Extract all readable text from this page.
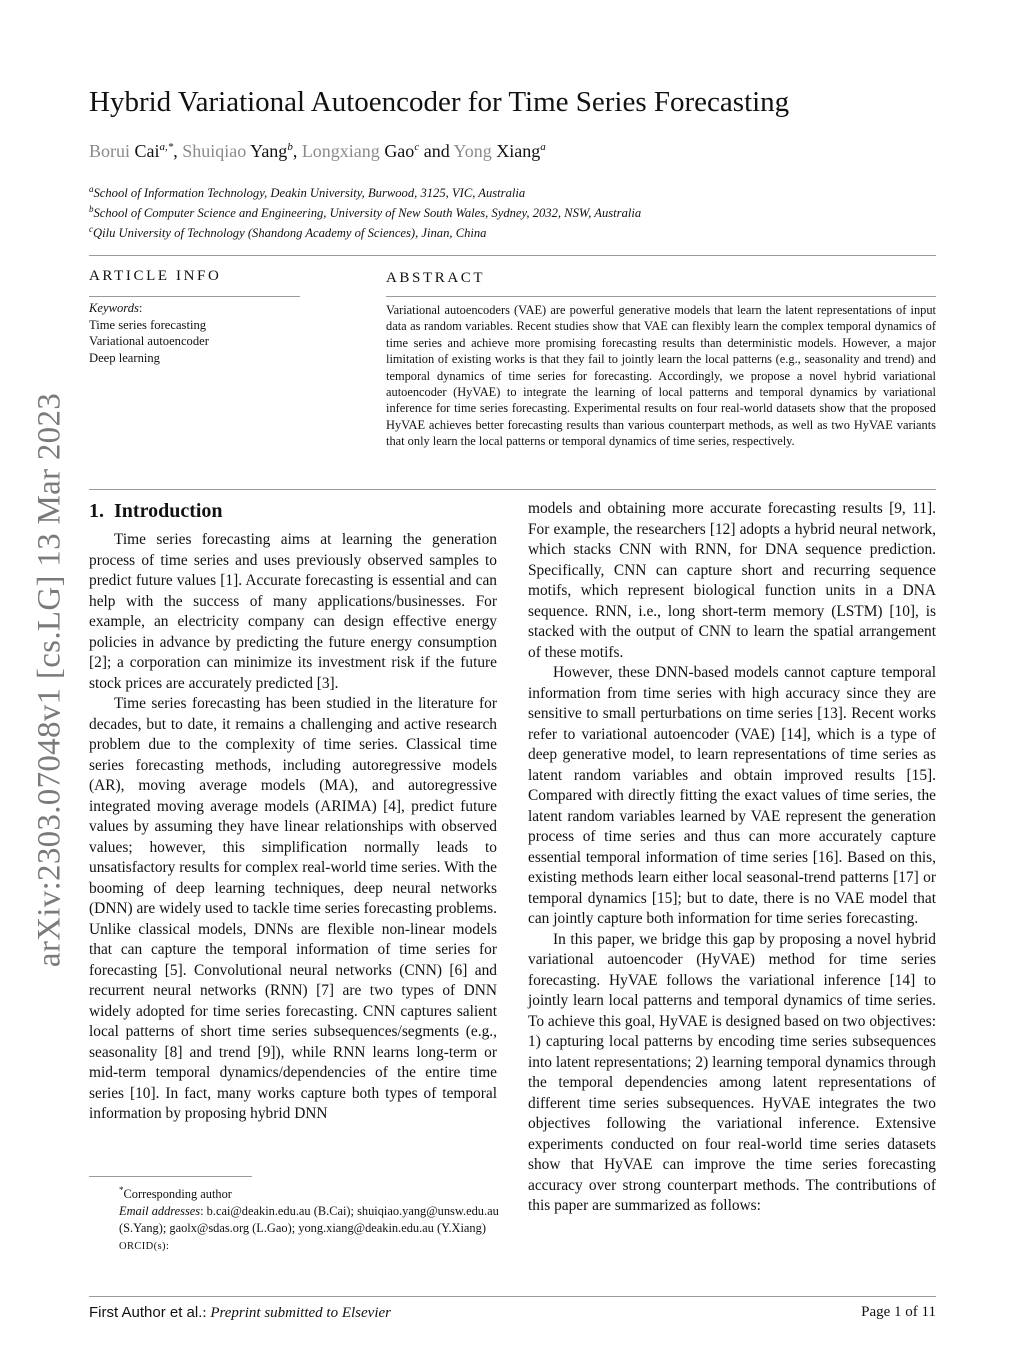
arXiv:2303.07048v1 [cs.LG] 13 Mar 2023
Hybrid Variational Autoencoder for Time Series Forecasting
Borui Cai$^{a,*}$, Shuiqiao Yang$^b$, Longxiang Gao$^c$ and Yong Xiang$^a$
$^a$School of Information Technology, Deakin University, Burwood, 3125, VIC, Australia
$^b$School of Computer Science and Engineering, University of New South Wales, Sydney, 2032, NSW, Australia
$^c$Qilu University of Technology (Shandong Academy of Sciences), Jinan, China
ARTICLE INFO
Keywords:
Time series forecasting
Variational autoencoder
Deep learning
ABSTRACT
Variational autoencoders (VAE) are powerful generative models that learn the latent representations of input data as random variables. Recent studies show that VAE can flexibly learn the complex temporal dynamics of time series and achieve more promising forecasting results than deterministic models. However, a major limitation of existing works is that they fail to jointly learn the local patterns (e.g., seasonality and trend) and temporal dynamics of time series for forecasting. Accordingly, we propose a novel hybrid variational autoencoder (HyVAE) to integrate the learning of local patterns and temporal dynamics by variational inference for time series forecasting. Experimental results on four real-world datasets show that the proposed HyVAE achieves better forecasting results than various counterpart methods, as well as two HyVAE variants that only learn the local patterns or temporal dynamics of time series, respectively.
1. Introduction

Time series forecasting aims at learning the generation process of time series and uses previously observed samples to predict future values [1]. Accurate forecasting is essential and can help with the success of many applications/businesses. For example, an electricity company can design effective energy policies in advance by predicting the future energy consumption [2]; a corporation can minimize its investment risk if the future stock prices are accurately predicted [3].

Time series forecasting has been studied in the literature for decades, but to date, it remains a challenging and active research problem due to the complexity of time series. Classical time series forecasting methods, including autoregressive models (AR), moving average models (MA), and autoregressive integrated moving average models (ARIMA) [4], predict future values by assuming they have linear relationships with observed values; however, this simplification normally leads to unsatisfactory results for complex real-world time series. With the booming of deep learning techniques, deep neural networks (DNN) are widely used to tackle time series forecasting problems. Unlike classical models, DNNs are flexible non-linear models that can capture the temporal information of time series for forecasting [5]. Convolutional neural networks (CNN) [6] and recurrent neural networks (RNN) [7] are two types of DNN widely adopted for time series forecasting. CNN captures salient local patterns of short time series subsequences/segments (e.g., seasonality [8] and trend [9]), while RNN learns long-term or mid-term temporal dynamics/dependencies of the entire time series [10]. In fact, many works capture both types of temporal information by proposing hybrid DNN

models and obtaining more accurate forecasting results [9, 11]. For example, the researchers [12] adopts a hybrid neural network, which stacks CNN with RNN, for DNA sequence prediction. Specifically, CNN can capture short and recurring sequence motifs, which represent biological function units in a DNA sequence. RNN, i.e., long short-term memory (LSTM) [10], is stacked with the output of CNN to learn the spatial arrangement of these motifs.

However, these DNN-based models cannot capture temporal information from time series with high accuracy since they are sensitive to small perturbations on time series [13]. Recent works refer to variational autoencoder (VAE) [14], which is a type of deep generative model, to learn representations of time series as latent random variables and obtain improved results [15]. Compared with directly fitting the exact values of time series, the latent random variables learned by VAE represent the generation process of time series and thus can more accurately capture essential temporal information of time series [16]. Based on this, existing methods learn either local seasonal-trend patterns [17] or temporal dynamics [15]; but to date, there is no VAE model that can jointly capture both information for time series forecasting.

In this paper, we bridge this gap by proposing a novel hybrid variational autoencoder (HyVAE) method for time series forecasting. HyVAE follows the variational inference [14] to jointly learn local patterns and temporal dynamics of time series. To achieve this goal, HyVAE is designed based on two objectives: 1) capturing local patterns by encoding time series subsequences into latent representations; 2) learning temporal dynamics through the temporal dependencies among latent representations of different time series subsequences. HyVAE integrates the two objectives following the variational inference. Extensive experiments conducted on four real-world time series datasets show that HyVAE can improve the time series forecasting accuracy over strong counterpart methods. The contributions of this paper are summarized as follows:

*Corresponding author
Email addresses: b.cai@deakin.edu.au (B.Cai); shuiqiao.yang@unsw.edu.au (S.Yang); gaolx@sdas.org (L.Gao); yong.xiang@deakin.edu.au (Y.Xiang)
ORCID(s):
First Author et al.: Preprint submitted to Elsevier	Page 1 of 11
